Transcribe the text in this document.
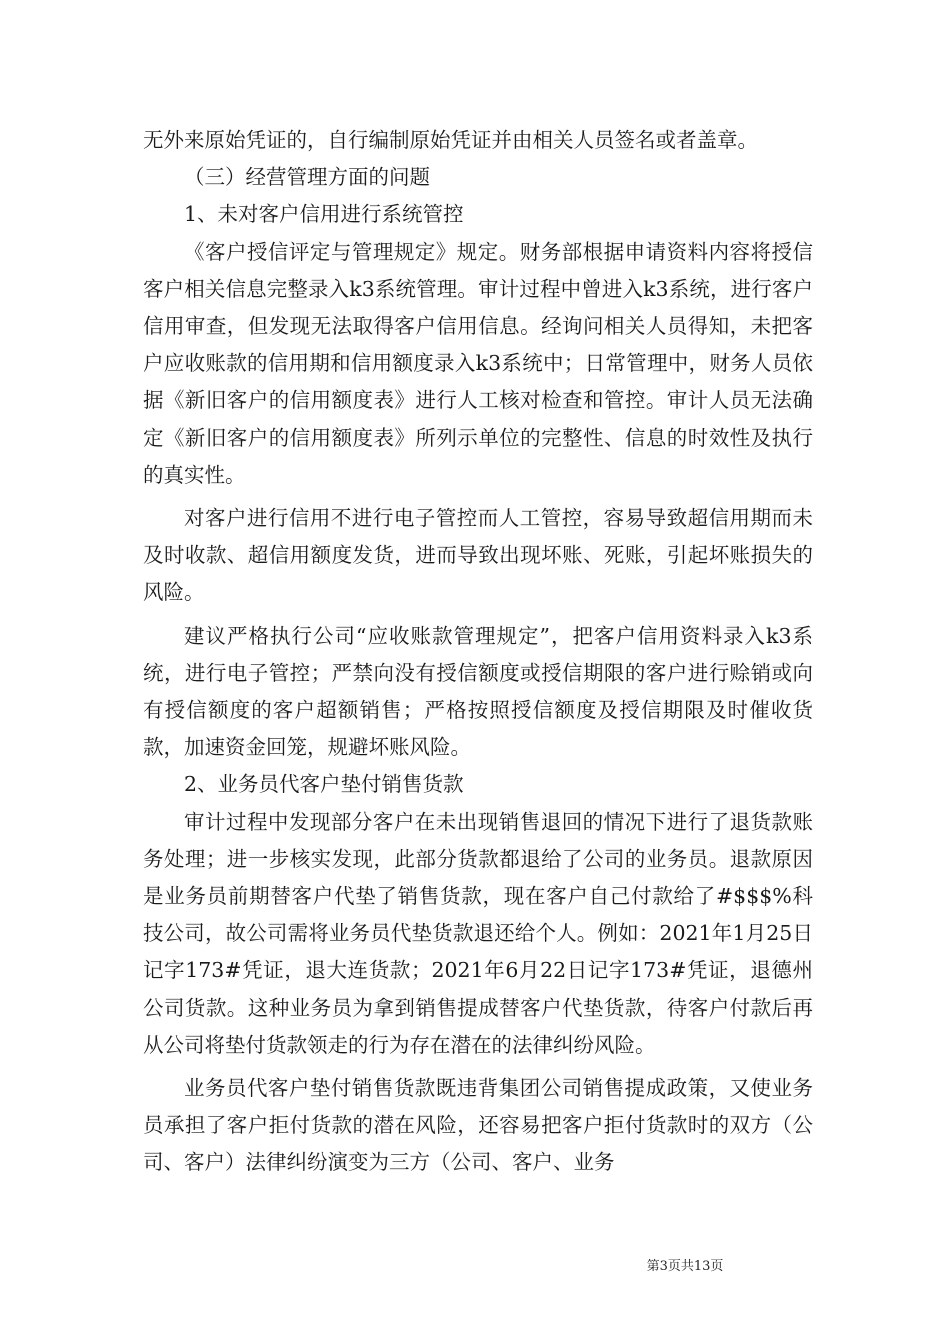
无外来原始凭证的，自行编制原始凭证并由相关人员签名或者盖章。

（三）经营管理方面的问题

1、未对客户信用进行系统管控

《客户授信评定与管理规定》规定。财务部根据申请资料内容将授信客户相关信息完整录入k3系统管理。审计过程中曾进入k3系统，进行客户信用审查，但发现无法取得客户信用信息。经询问相关人员得知，未把客户应收账款的信用期和信用额度录入k3系统中；日常管理中，财务人员依据《新旧客户的信用额度表》进行人工核对检查和管控。审计人员无法确定《新旧客户的信用额度表》所列示单位的完整性、信息的时效性及执行的真实性。

对客户进行信用不进行电子管控而人工管控，容易导致超信用期而未及时收款、超信用额度发货，进而导致出现坏账、死账，引起坏账损失的风险。

建议严格执行公司“应收账款管理规定”，把客户信用资料录入k3系统，进行电子管控；严禁向没有授信额度或授信期限的客户进行赊销或向有授信额度的客户超额销售；严格按照授信额度及授信期限及时催收货款，加速资金回笼，规避坏账风险。

2、业务员代客户垫付销售货款

审计过程中发现部分客户在未出现销售退回的情况下进行了退货款账务处理；进一步核实发现，此部分货款都退给了公司的业务员。退款原因是业务员前期替客户代垫了销售货款，现在客户自己付款给了#$$$%科技公司，故公司需将业务员代垫货款退还给个人。例如：2021年1月25日记字173#凭证，退大连货款；2021年6月22日记字173#凭证，退德州公司货款。这种业务员为拿到销售提成替客户代垫货款，待客户付款后再从公司将垫付货款领走的行为存在潜在的法律纠纷风险。

业务员代客户垫付销售货款既违背集团公司销售提成政策，又使业务员承担了客户拒付货款的潜在风险，还容易把客户拒付货款时的双方（公司、客户）法律纠纷演变为三方（公司、客户、业务

第3页共13页
